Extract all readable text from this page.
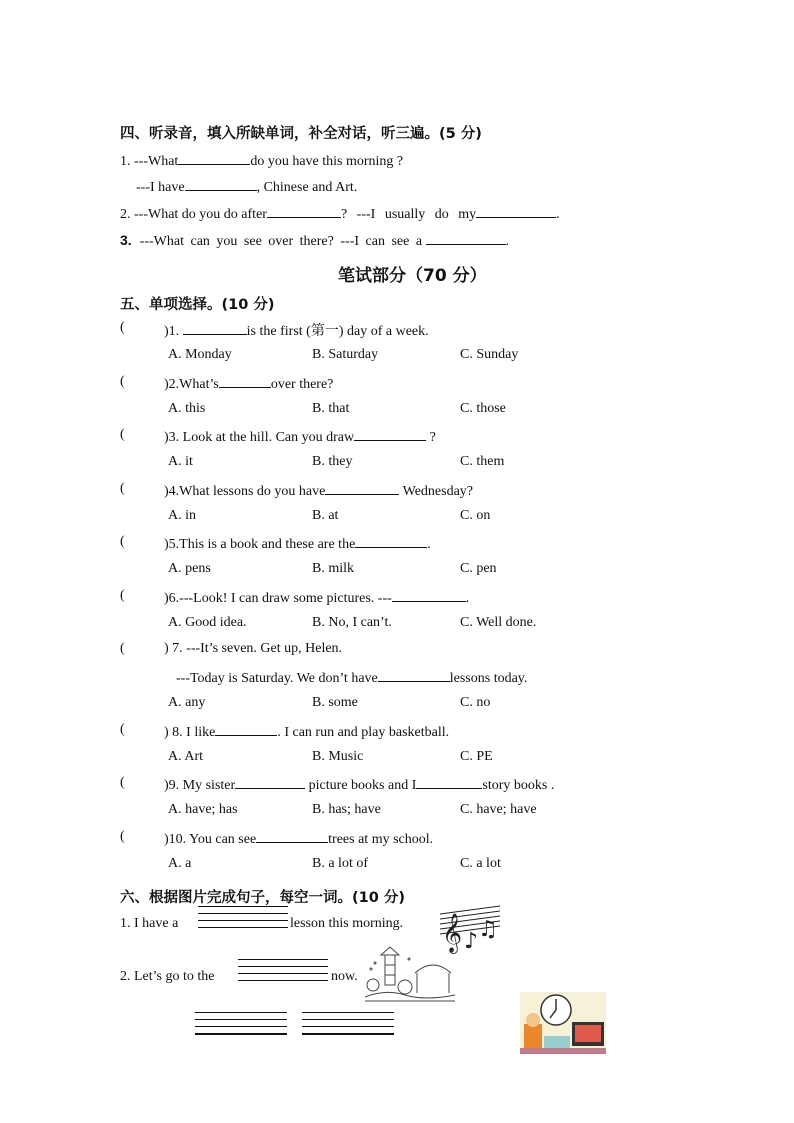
四、听录音，填入所缺单词，补全对话，听三遍。(5 分)
1. ---What	do you have this morning ?
---I have	, Chinese and Art.
2. ---What do you do after	? ---I usually do my	.
3. ---What can you see over there? ---I can see a	.
笔试部分（70 分）
五、单项选择。(10 分)
(	)1.	is the first (第一) day of a week.
A. Monday	B. Saturday	C. Sunday
(	)2.What’s	over there?
A. this	B. that	C. those
(	)3. Look at the hill. Can you draw	?
A. it	B. they	C. them
(	)4.What lessons do you have	Wednesday?
A. in	B. at	C. on
(	)5.This is a book and these are the	.
A. pens	B. milk	C. pen
(	)6.---Look! I can draw some pictures. ---	.
A. Good idea.	B. No, I can’t.	C. Well done.
(	) 7. ---It’s seven. Get up, Helen.
---Today is Saturday. We don’t have	lessons today.
A. any	B. some	C. no
(	) 8. I like	. I can run and play basketball.
A. Art	B. Music	C. PE
(	)9. My sister	picture books and I	story books .
A. have; has	B. has; have	C. have; have
(	)10. You can see	trees at my school.
A. a	B. a lot of	C. a lot
六、根据图片完成句子，每空一词。(10 分)
1. I have a	lesson this morning. 𝄞 ♪ ♫
2. Let’s go to the	now.
